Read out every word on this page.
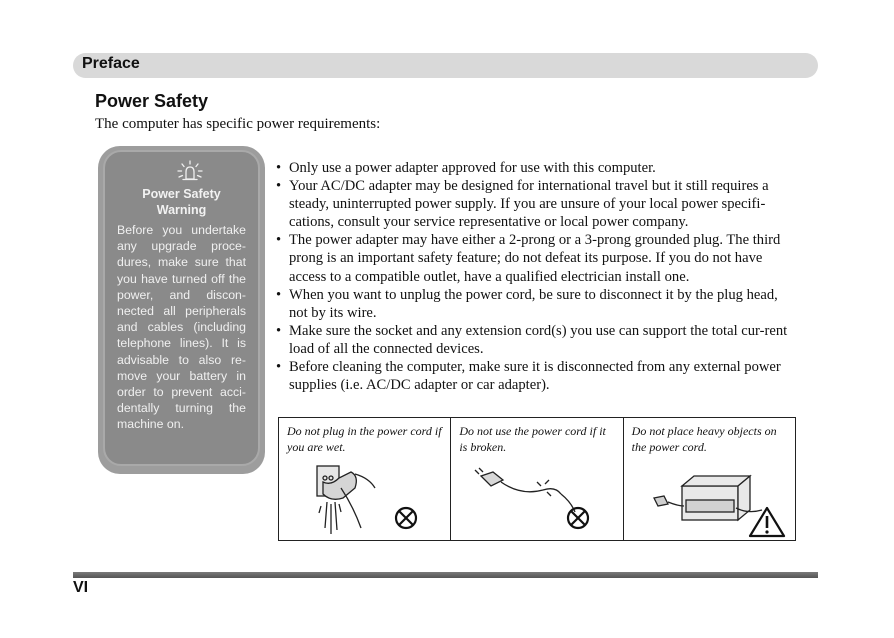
Preface
Power Safety
The computer has specific power requirements:
Power Safety
Warning
Before you undertake any upgrade proce-dures, make sure that you have turned off the power, and discon-nected all peripherals and cables (including telephone lines). It is advisable to also re-move your battery in order to prevent acci-dentally turning the machine on.
• Only use a power adapter approved for use with this computer.
• Your AC/DC adapter may be designed for international travel but it still requires a steady, uninterrupted power supply. If you are unsure of your local power specifi-cations, consult your service representative or local power company.
• The power adapter may have either a 2-prong or a 3-prong grounded plug. The third prong is an important safety feature; do not defeat its purpose. If you do not have access to a compatible outlet, have a qualified electrician install one.
• When you want to unplug the power cord, be sure to disconnect it by the plug head, not by its wire.
• Make sure the socket and any extension cord(s) you use can support the total cur-rent load of all the connected devices.
• Before cleaning the computer, make sure it is disconnected from any external power supplies (i.e. AC/DC adapter or car adapter).
Do not plug in the power cord if you are wet.
Do not use the power cord if it is broken.
Do not place heavy objects on the power cord.
VI
